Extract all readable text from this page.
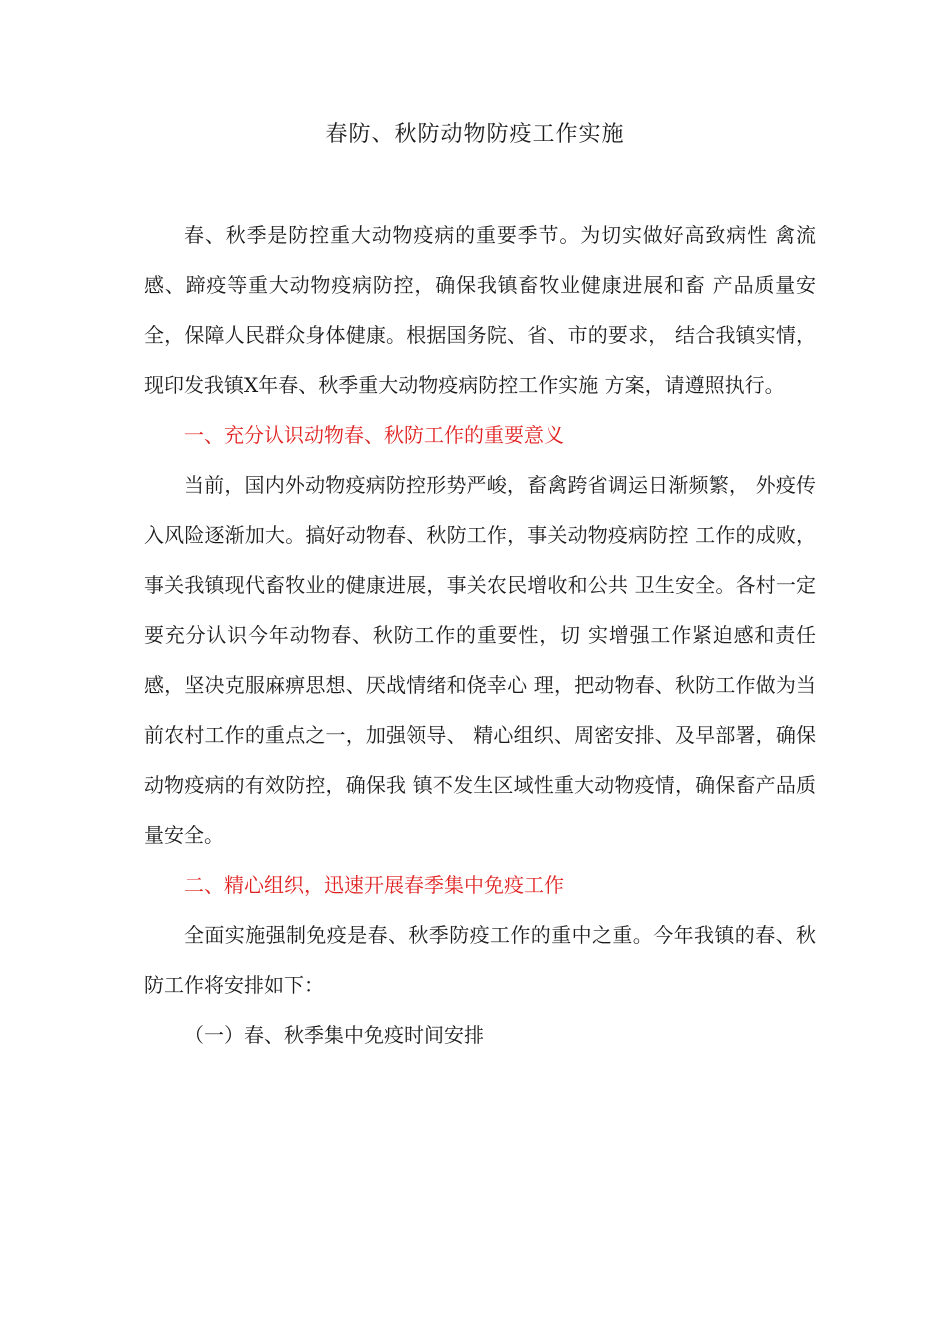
春防、秋防动物防疫工作实施

春、秋季是防控重大动物疫病的重要季节。为切实做好高致病性 禽流感、蹄疫等重大动物疫病防控，确保我镇畜牧业健康进展和畜 产品质量安全，保障人民群众身体健康。根据国务院、省、市的要求， 结合我镇实情，现印发我镇X年春、秋季重大动物疫病防控工作实施 方案，请遵照执行。

一、充分认识动物春、秋防工作的重要意义

当前，国内外动物疫病防控形势严峻，畜禽跨省调运日渐频繁， 外疫传入风险逐渐加大。搞好动物春、秋防工作，事关动物疫病防控 工作的成败，事关我镇现代畜牧业的健康进展，事关农民增收和公共 卫生安全。各村一定要充分认识今年动物春、秋防工作的重要性，切 实增强工作紧迫感和责任感，坚决克服麻痹思想、厌战情绪和侥幸心 理，把动物春、秋防工作做为当前农村工作的重点之一，加强领导、 精心组织、周密安排、及早部署，确保动物疫病的有效防控，确保我 镇不发生区域性重大动物疫情，确保畜产品质量安全。

二、精心组织，迅速开展春季集中免疫工作

全面实施强制免疫是春、秋季防疫工作的重中之重。今年我镇的春、秋防工作将安排如下：

（一）春、秋季集中免疫时间安排
